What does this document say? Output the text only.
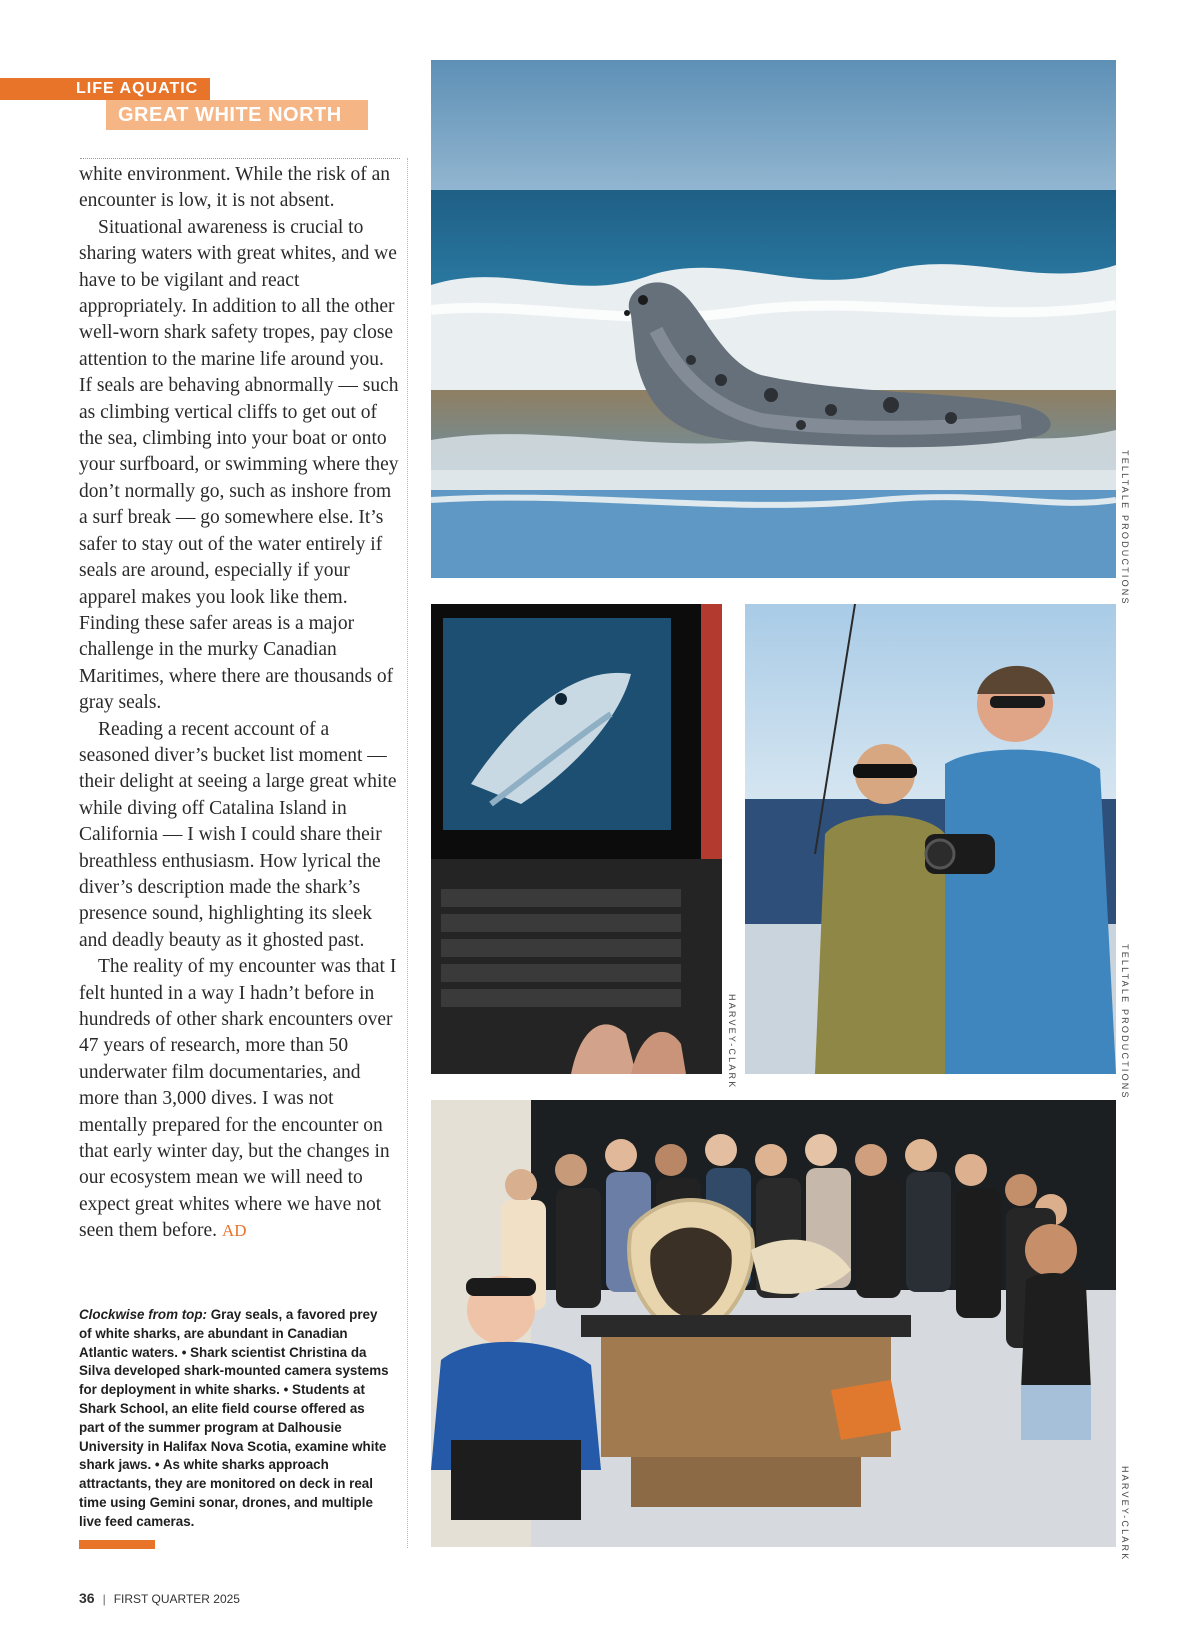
LIFE AQUATIC
GREAT WHITE NORTH

white environment. While the risk of an encounter is low, it is not absent.

Situational awareness is crucial to sharing waters with great whites, and we have to be vigilant and react appropriately. In addition to all the other well-worn shark safety tropes, pay close attention to the marine life around you. If seals are behaving abnormally — such as climbing vertical cliffs to get out of the sea, climbing into your boat or onto your surfboard, or swimming where they don’t normally go, such as inshore from a surf break — go somewhere else. It’s safer to stay out of the water entirely if seals are around, especially if your apparel makes you look like them. Finding these safer areas is a major challenge in the murky Canadian Maritimes, where there are thousands of gray seals.

Reading a recent account of a seasoned diver’s bucket list moment — their delight at seeing a large great white while diving off Catalina Island in California — I wish I could share their breathless enthusiasm. How lyrical the diver’s description made the shark’s presence sound, highlighting its sleek and deadly beauty as it ghosted past.

The reality of my encounter was that I felt hunted in a way I hadn’t before in hundreds of other shark encounters over 47 years of research, more than 50 underwater film documentaries, and more than 3,000 dives. I was not mentally prepared for the encounter on that early winter day, but the changes in our ecosystem mean we will need to expect great whites where we have not seen them before. AD

Clockwise from top: Gray seals, a favored prey of white sharks, are abundant in Canadian Atlantic waters. • Shark scientist Christina da Silva developed shark-mounted camera systems for deployment in white sharks. • Students at Shark School, an elite field course offered as part of the summer program at Dalhousie University in Halifax Nova Scotia, examine white shark jaws. • As white sharks approach attractants, they are monitored on deck in real time using Gemini sonar, drones, and multiple live feed cameras.
36 | FIRST QUARTER 2025
TELLTALE PRODUCTIONS
HARVEY-CLARK	TELLTALE PRODUCTIONS
HARVEY-CLARK
